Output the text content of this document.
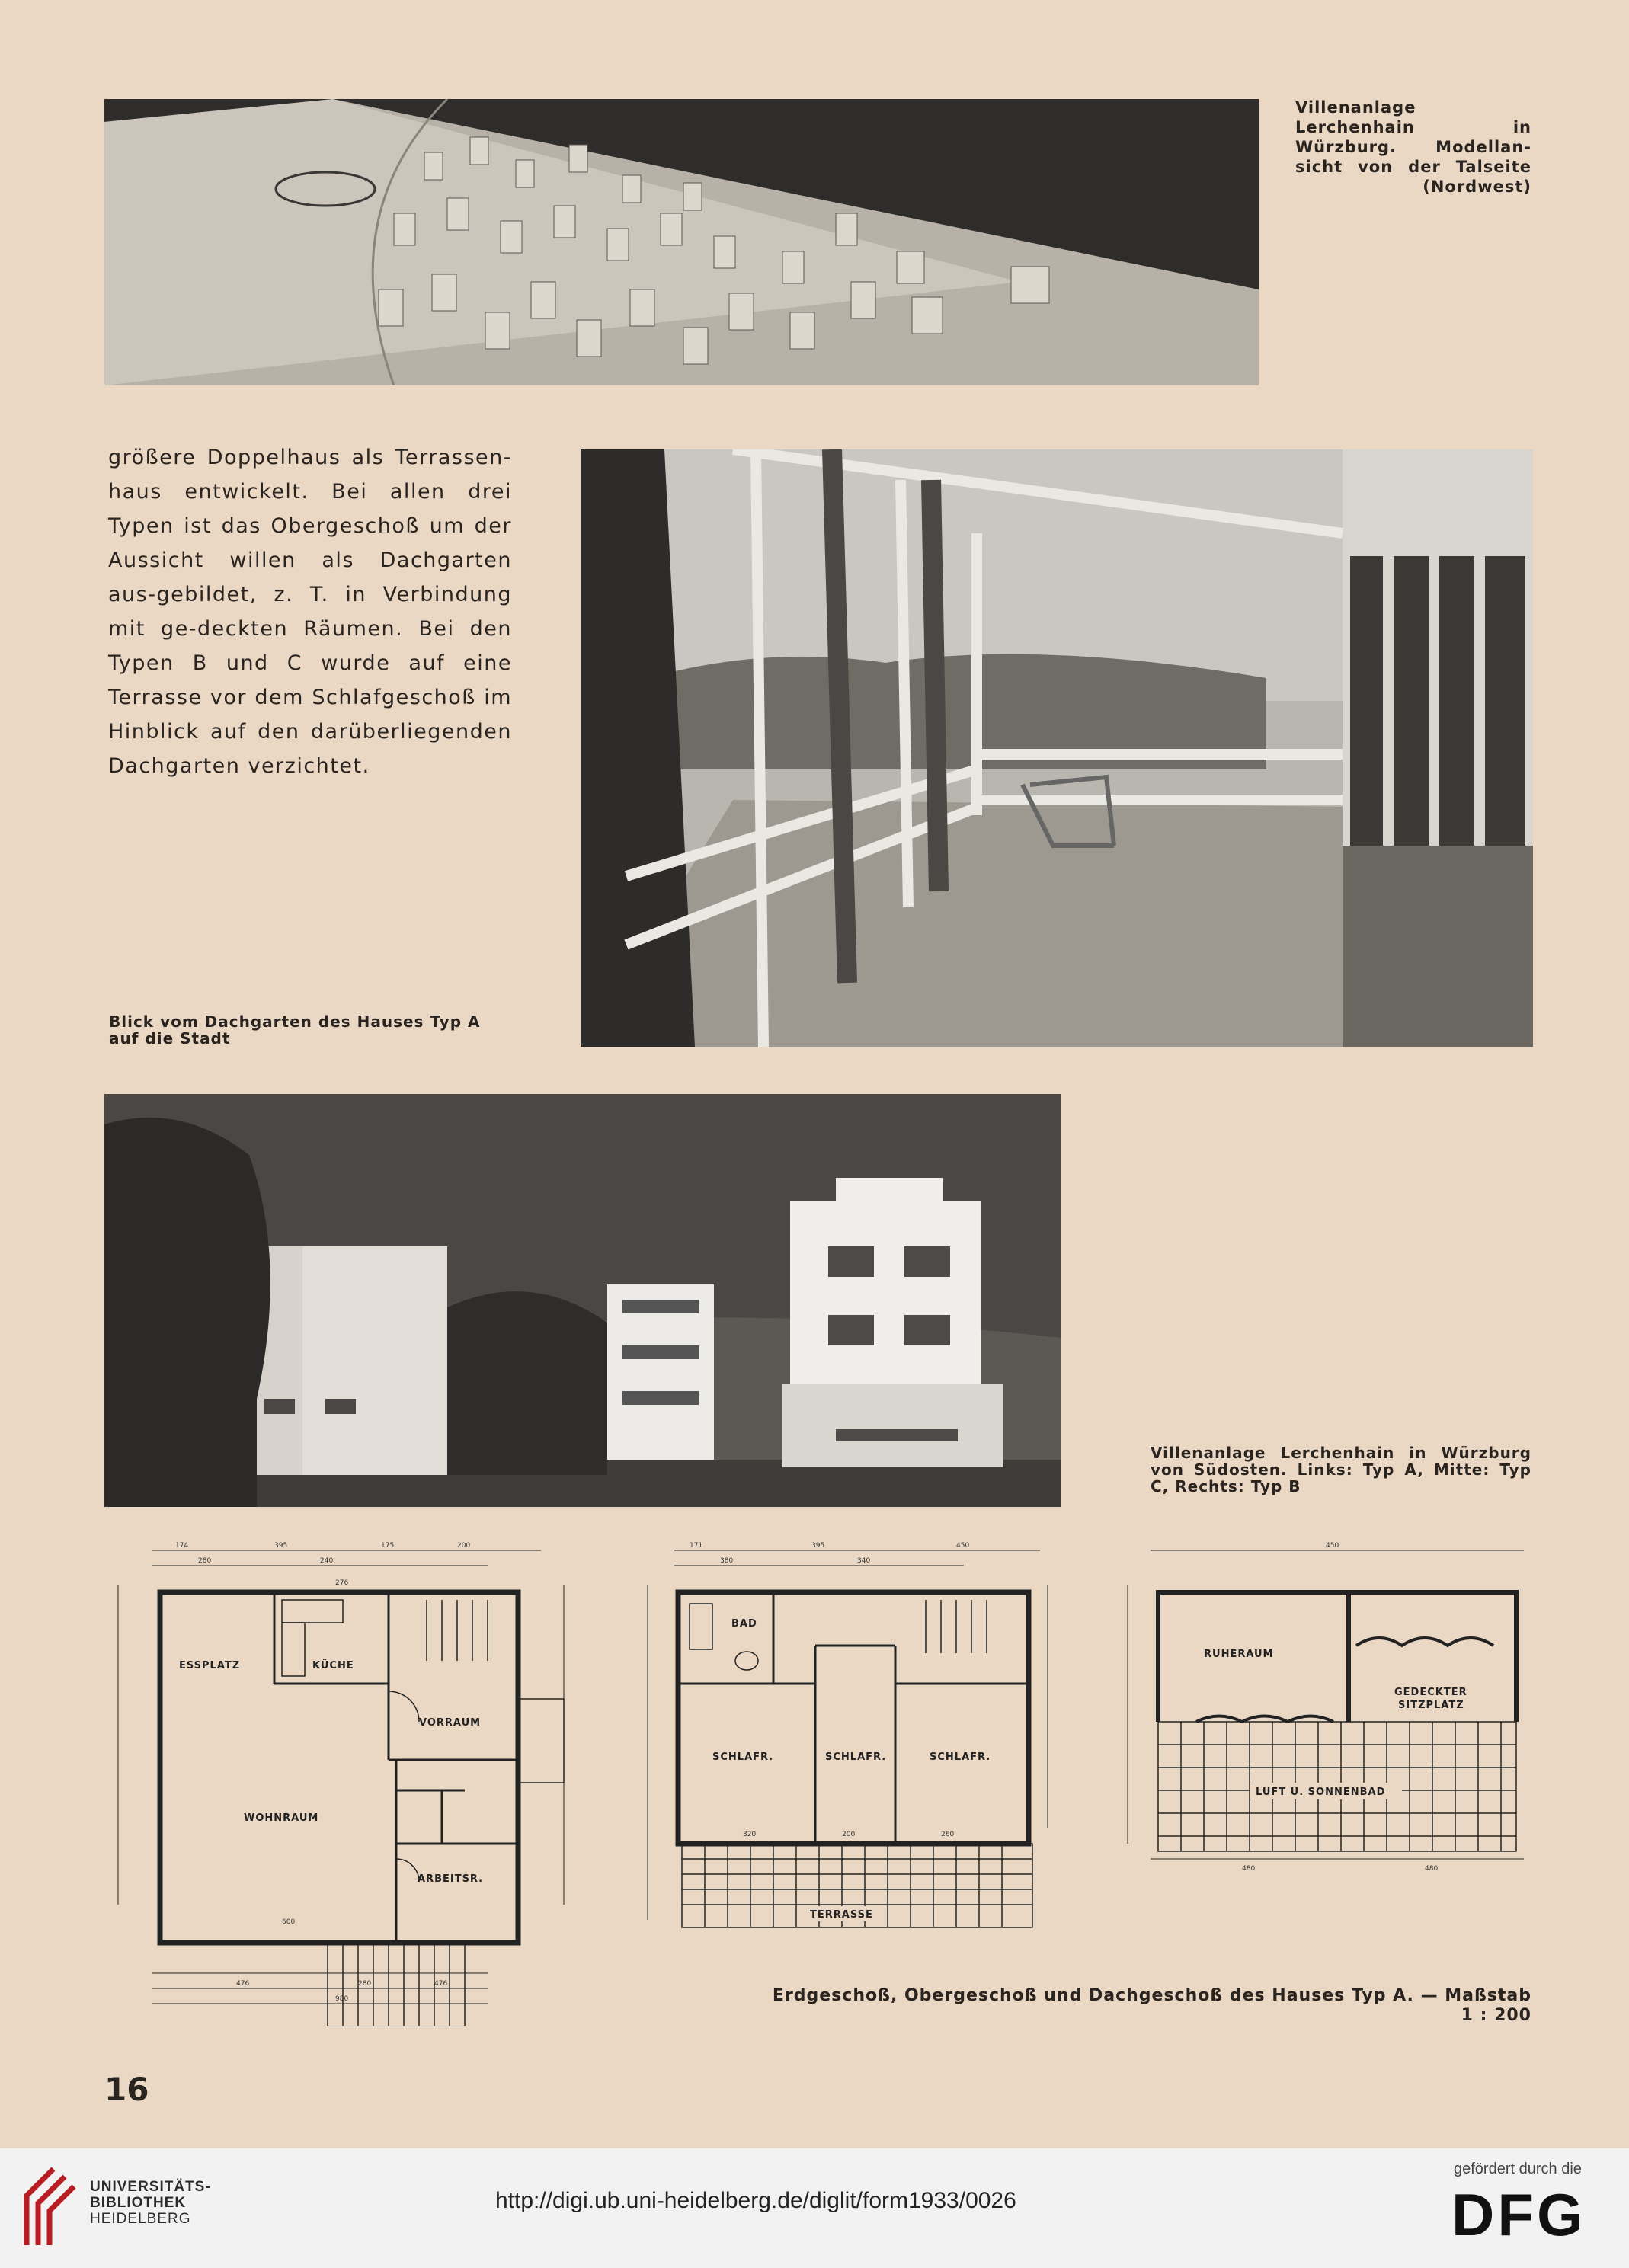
Villenanlage Lerchenhain in Würzburg. Modellan-sicht von der Talseite (Nordwest)

größere Doppelhaus als Terrassen-haus entwickelt. Bei allen drei Typen ist das Obergeschoß um der Aussicht willen als Dachgarten aus-gebildet, z. T. in Verbindung mit ge-deckten Räumen. Bei den Typen B und C wurde auf eine Terrasse vor dem Schlafgeschoß im Hinblick auf den darüberliegenden Dachgarten verzichtet.

Blick vom Dachgarten des Hauses Typ A auf die Stadt
Villenanlage Lerchenhain in Würzburg von Südosten. Links: Typ A, Mitte: Typ C, Rechts: Typ B
ESSPLATZ	KÜCHE
VORRAUM
WOHNRAUM
ARBEITSR.
174	395	175	200
280	240
276
600
476	280	476
980
BAD
SCHLAFR.	SCHLAFR.	SCHLAFR.
TERRASSE
171	395	450
380	340
320	200	260
RUHERAUM
GEDECKTER
SITZPLATZ
LUFT U. SONNENBAD
450
480	480
Erdgeschoß, Obergeschoß und Dachgeschoß des Hauses Typ A. — Maßstab 1 : 200
16
UNIVERSITÄTS-
BIBLIOTHEK
HEIDELBERG
http://digi.ub.uni-heidelberg.de/diglit/form1933/0026
gefördert durch die
DFG
